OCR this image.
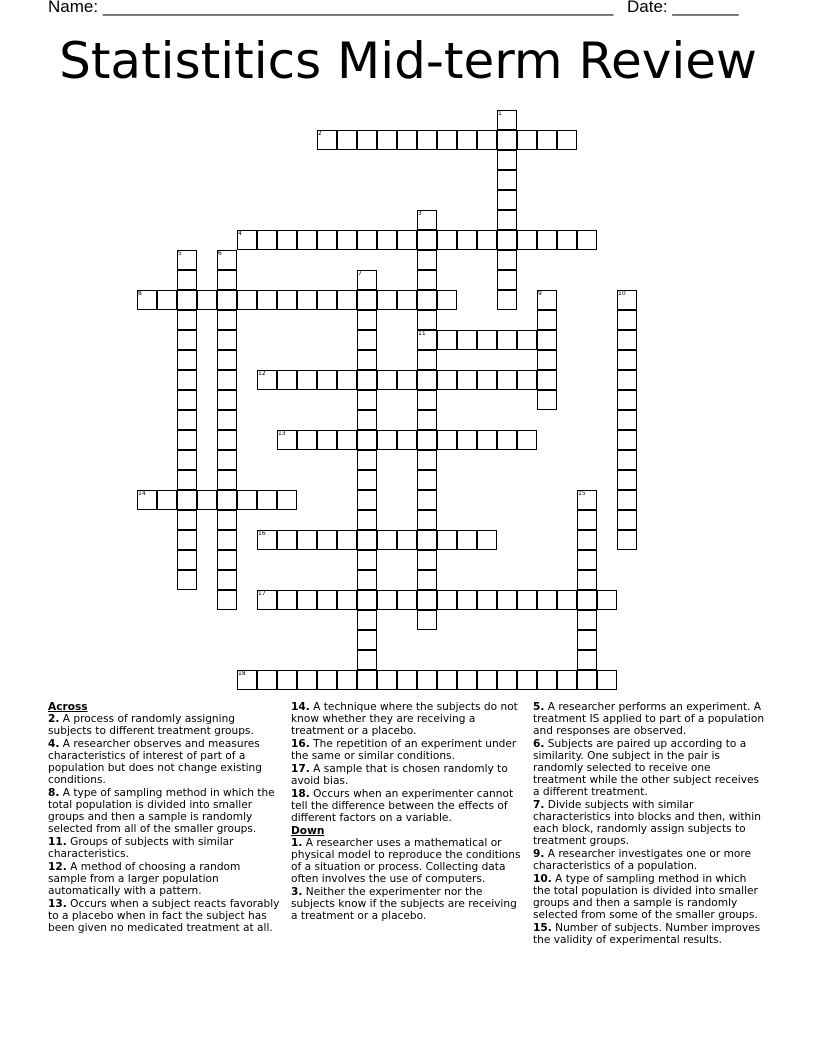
Name: ______________________________________________________ Date: _______
Statistitics Mid-term Review
1
2
3
4
5	6
7
8	9	10
11
12
13
14	15
16
17
18

Across

2. A process of randomly assigning subjects to different treatment groups.

4. A researcher observes and measures characteristics of interest of part of a population but does not change existing conditions.

8. A type of sampling method in which the total population is divided into smaller groups and then a sample is randomly selected from all of the smaller groups.

11. Groups of subjects with similar characteristics.

12. A method of choosing a random sample from a larger population automatically with a pattern.

13. Occurs when a subject reacts favorably to a placebo when in fact the subject has been given no medicated treatment at all.

14. A technique where the subjects do not know whether they are receiving a treatment or a placebo.

16. The repetition of an experiment under the same or similar conditions.

17. A sample that is chosen randomly to avoid bias.

18. Occurs when an experimenter cannot tell the difference between the effects of different factors on a variable.

Down

1. A researcher uses a mathematical or physical model to reproduce the conditions of a situation or process. Collecting data often involves the use of computers.

3. Neither the experimenter nor the subjects know if the subjects are receiving a treatment or a placebo.

5. A researcher performs an experiment. A treatment IS applied to part of a population and responses are observed.

6. Subjects are paired up according to a similarity. One subject in the pair is randomly selected to receive one treatment while the other subject receives a different treatment.

7. Divide subjects with similar characteristics into blocks and then, within each block, randomly assign subjects to treatment groups.

9. A researcher investigates one or more characteristics of a population.

10. A type of sampling method in which the total population is divided into smaller groups and then a sample is randomly selected from some of the smaller groups.

15. Number of subjects. Number improves the validity of experimental results.
